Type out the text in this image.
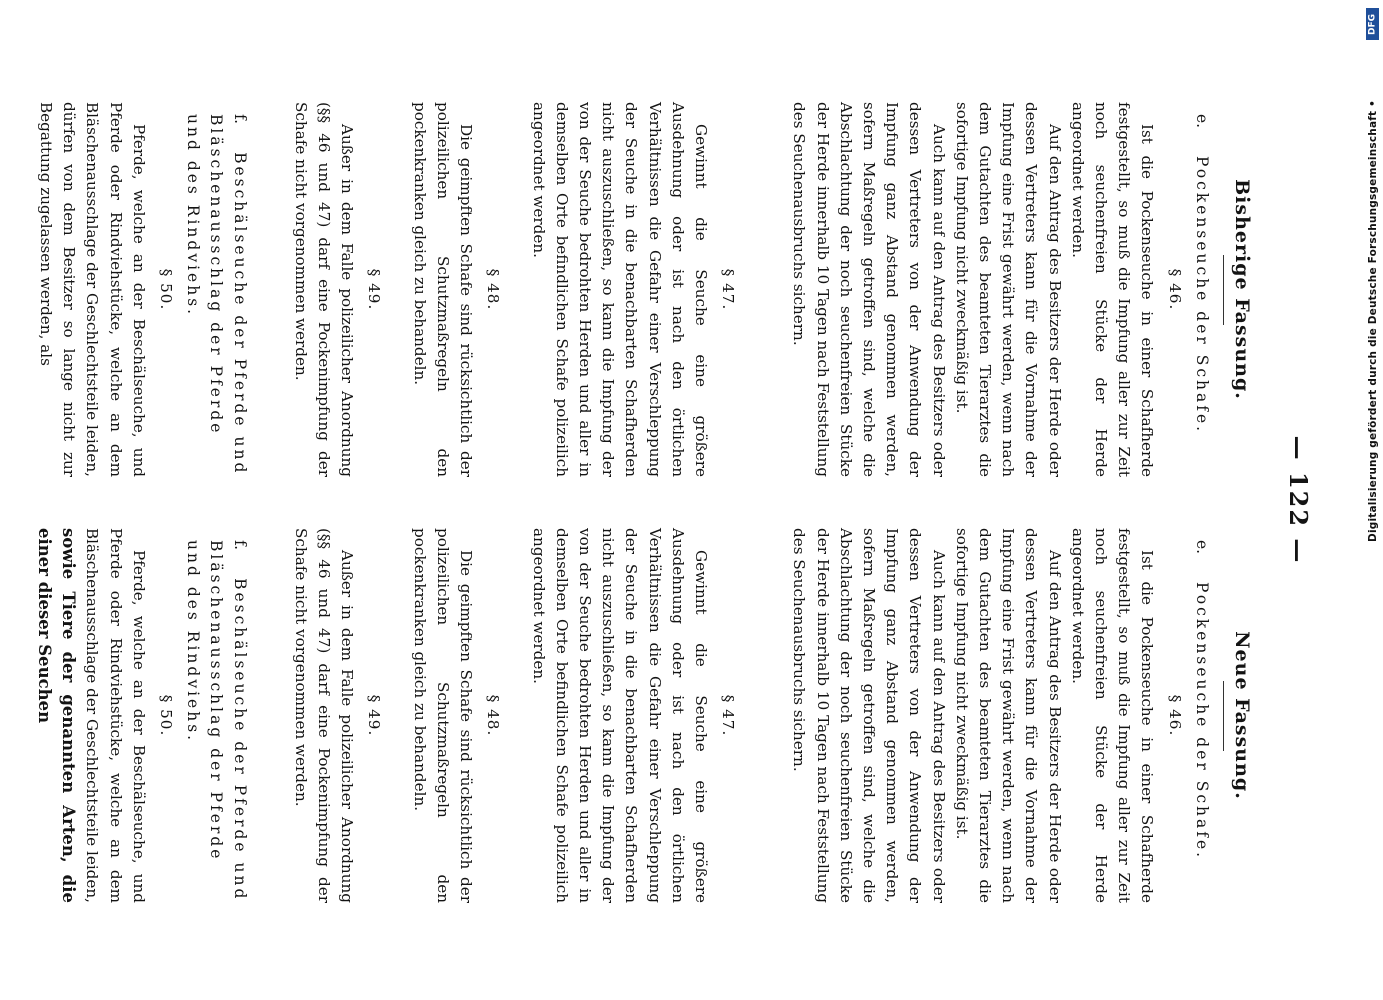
— 122 —
Bisherige Fassung.
e. Pockenseuche der Schafe.
§ 46.

Ist die Pockenseuche in einer Schafherde festgestellt, so muß die Impfung aller zur Zeit noch seuchenfreien Stücke der Herde angeordnet werden.

Auf den Antrag des Besitzers der Herde oder dessen Vertreters kann für die Vornahme der Impfung eine Frist gewährt werden, wenn nach dem Gutachten des beamteten Tierarztes die sofortige Impfung nicht zweckmäßig ist.

Auch kann auf den Antrag des Besitzers oder dessen Vertreters von der Anwendung der Impfung ganz Abstand genommen werden, sofern Maßregeln getroffen sind, welche die Abschlachtung der noch seuchenfreien Stücke der Herde innerhalb 10 Tagen nach Feststellung des Seuchenausbruchs sichern.

§ 47.

Gewinnt die Seuche eine größere Ausdehnung oder ist nach den örtlichen Verhältnissen die Gefahr einer Verschleppung der Seuche in die benachbarten Schafherden nicht auszuschließen, so kann die Impfung der von der Seuche bedrohten Herden und aller in demselben Orte befindlichen Schafe polizeilich angeordnet werden.

§ 48.

Die geimpften Schafe sind rücksichtlich der polizeilichen Schutzmaßregeln den pockenkranken gleich zu behandeln.

§ 49.

Außer in dem Falle polizeilicher Anordnung (§§ 46 und 47) darf eine Pockenimpfung der Schafe nicht vorgenommen werden.

f. Beschälseuche der Pferde und Bläschenausschlag der Pferde und des Rindviehs.
§ 50.

Pferde, welche an der Beschälseuche, und Pferde oder Rindviehstücke, welche an dem Bläschenausschlage der Geschlechtsteile leiden, dürfen von dem Besitzer so lange nicht zur Begattung zugelassen werden, als

Neue Fassung.
e. Pockenseuche der Schafe.
§ 46.

Ist die Pockenseuche in einer Schafherde festgestellt, so muß die Impfung aller zur Zeit noch seuchenfreien Stücke der Herde angeordnet werden.

Auf den Antrag des Besitzers der Herde oder dessen Vertreters kann für die Vornahme der Impfung eine Frist gewährt werden, wenn nach dem Gutachten des beamteten Tierarztes die sofortige Impfung nicht zweckmäßig ist.

Auch kann auf den Antrag des Besitzers oder dessen Vertreters von der Anwendung der Impfung ganz Abstand genommen werden, sofern Maßregeln getroffen sind, welche die Abschlachtung der noch seuchenfreien Stücke der Herde innerhalb 10 Tagen nach Feststellung des Seuchenausbruchs sichern.

§ 47.

Gewinnt die Seuche eine größere Ausdehnung oder ist nach den örtlichen Verhältnissen die Gefahr einer Verschleppung der Seuche in die benachbarten Schafherden nicht auszuschließen, so kann die Impfung der von der Seuche bedrohten Herden und aller in demselben Orte befindlichen Schafe polizeilich angeordnet werden.

§ 48.

Die geimpften Schafe sind rücksichtlich der polizeilichen Schutzmaßregeln den pockenkranken gleich zu behandeln.

§ 49.

Außer in dem Falle polizeilicher Anordnung (§§ 46 und 47) darf eine Pockenimpfung der Schafe nicht vorgenommen werden.

f. Beschälseuche der Pferde und Bläschenausschlag der Pferde und des Rindviehs.
§ 50.

Pferde, welche an der Beschälseuche, und Pferde oder Rindviehstücke, welche an dem Bläschenausschlage der Geschlechtsteile leiden, sowie Tiere der genannten Arten, die einer dieser Seuchen

DFG
Digitalisierung gefördert durch die Deutsche Forschungsgemeinschaft •
